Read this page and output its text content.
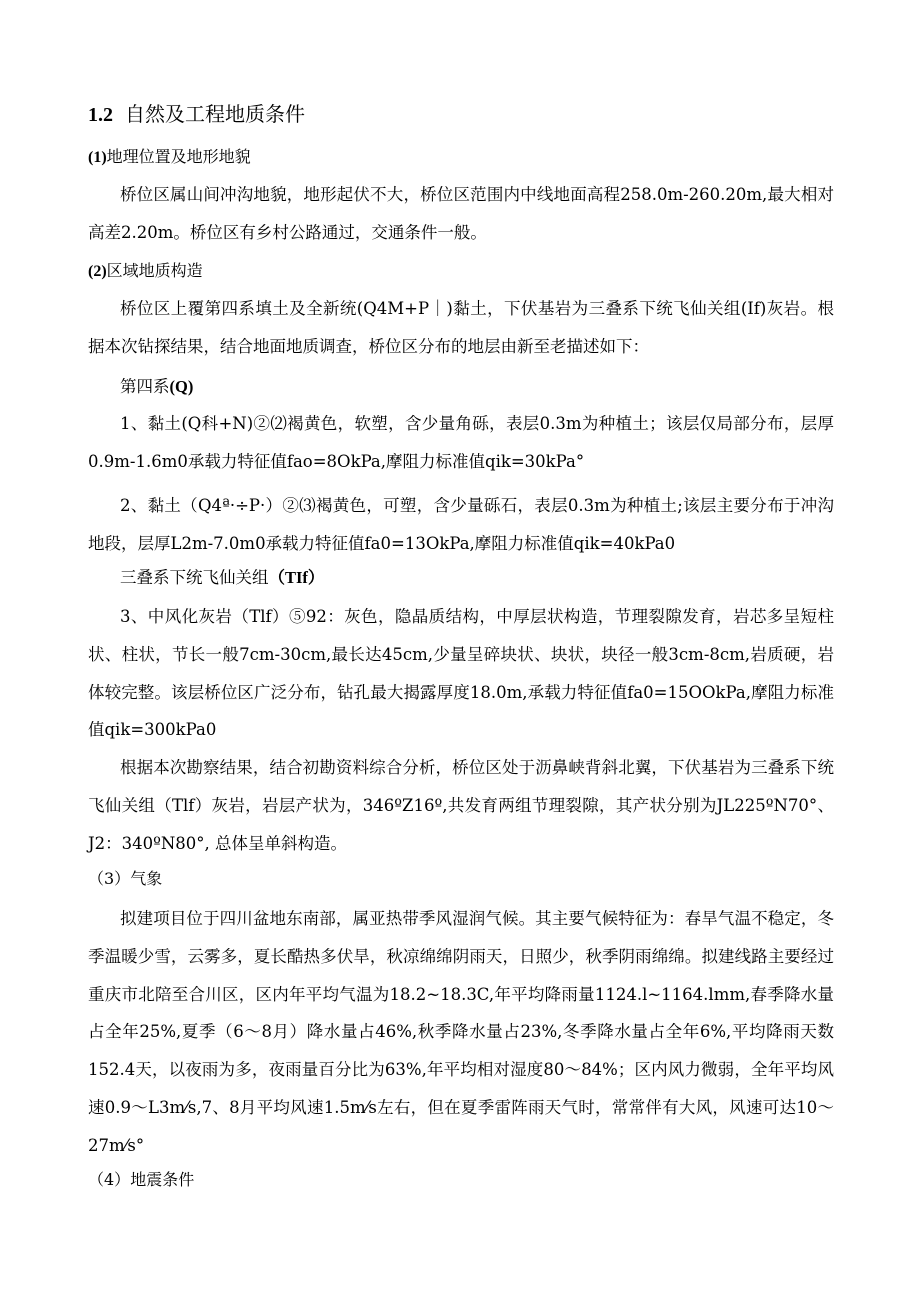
1.2 自然及工程地质条件
(1)地理位置及地形地貌

桥位区属山间冲沟地貌，地形起伏不大，桥位区范围内中线地面高程258.0m-260.20m,最大相对高差2.20m。桥位区有乡村公路通过，交通条件一般。

(2)区域地质构造

桥位区上覆第四系填土及全新统(Q4M+P｜)黏土，下伏基岩为三叠系下统飞仙关组(If)灰岩。根据本次钻探结果，结合地面地质调查，桥位区分布的地层由新至老描述如下：

第四系(Q)

1、黏土(Q科+N)②⑵褐黄色，软塑，含少量角砾，表层0.3m为种植土；该层仅局部分布，层厚0.9m-1.6m0承载力特征值fao=8OkPa,摩阻力标准值qik=30kPa°

2、黏土（Q4ª·÷P·）②⑶褐黄色，可塑，含少量砾石，表层0.3m为种植土;该层主要分布于冲沟地段，层厚L2m-7.0m0承载力特征值fa0=13OkPa,摩阻力标准值qik=40kPa0

三叠系下统飞仙关组（TIf）

3、中风化灰岩（Tlf）⑤92：灰色，隐晶质结构，中厚层状构造，节理裂隙发育，岩芯多呈短柱状、柱状，节长一般7cm-30cm,最长达45cm,少量呈碎块状、块状，块径一般3cm-8cm,岩质硬，岩体较完整。该层桥位区广泛分布，钻孔最大揭露厚度18.0m,承载力特征值fa0=15OOkPa,摩阻力标准值qik=300kPa0

根据本次勘察结果，结合初勘资料综合分析，桥位区处于沥鼻峡背斜北翼，下伏基岩为三叠系下统飞仙关组（Tlf）灰岩，岩层产状为，346ºZ16º,共发育两组节理裂隙，其产状分别为JL225ºN70°、J2：340ºN80°, 总体呈单斜构造。

（3）气象

拟建项目位于四川盆地东南部，属亚热带季风湿润气候。其主要气候特征为：春旱气温不稳定，冬季温暖少雪，云雾多，夏长酷热多伏旱，秋凉绵绵阴雨天，日照少，秋季阴雨绵绵。拟建线路主要经过重庆市北陪至合川区，区内年平均气温为18.2~18.3C,年平均降雨量1124.l~1164.lmm,春季降水量占全年25%,夏季（6～8月）降水量占46%,秋季降水量占23%,冬季降水量占全年6%,平均降雨天数152.4天，以夜雨为多，夜雨量百分比为63%,年平均相对湿度80～84%；区内风力微弱，全年平均风速0.9～L3m⁄s,7、8月平均风速1.5m⁄s左右，但在夏季雷阵雨天气时，常常伴有大风，风速可达10～27m⁄s°

（4）地震条件
